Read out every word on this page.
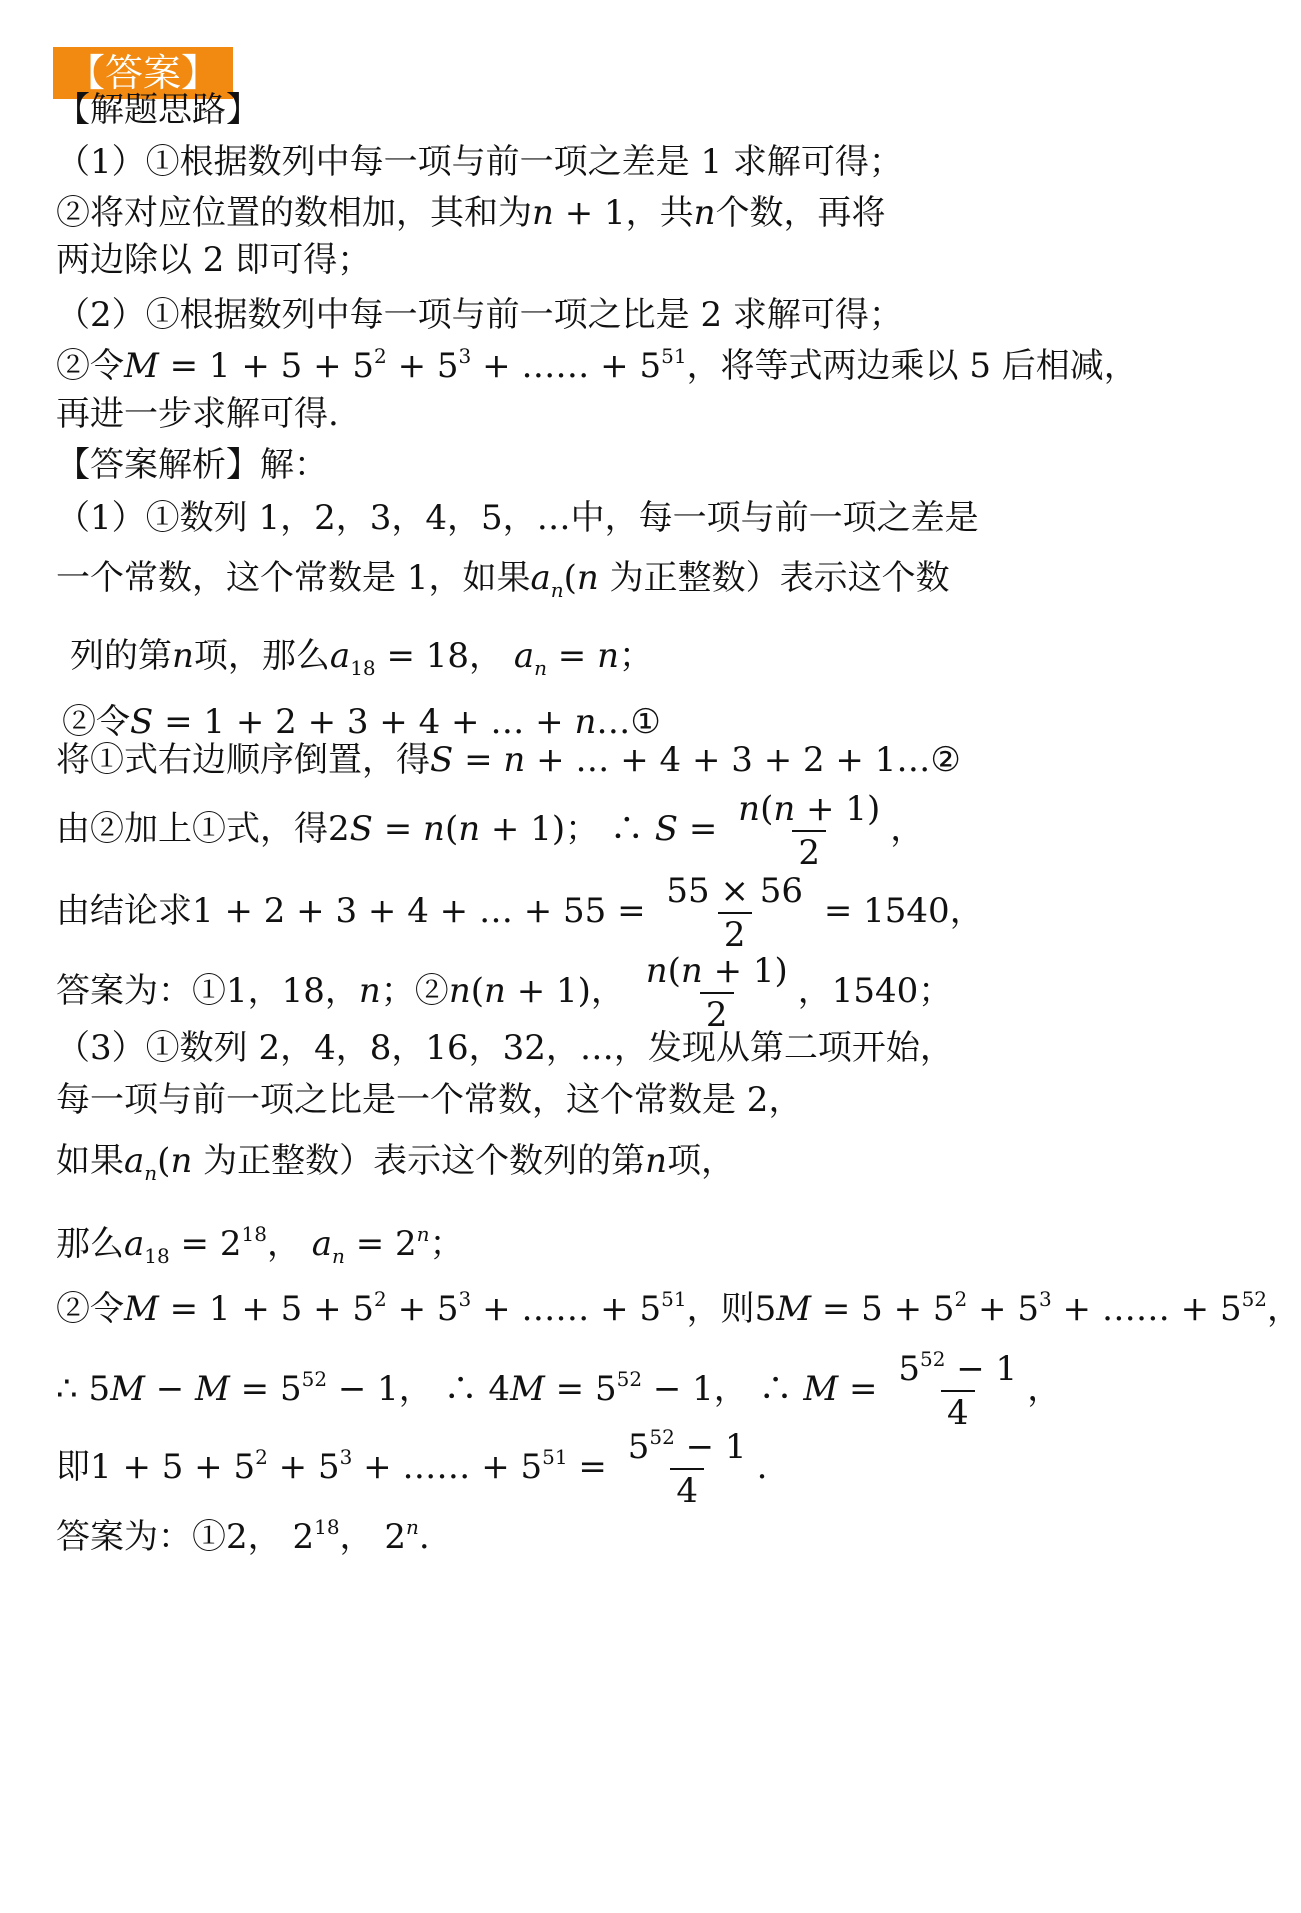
【答案】
【解题思路】
（1）①根据数列中每一项与前一项之差是 1 求解可得；
②将对应位置的数相加，其和为n + 1，共n个数，再将
两边除以 2 即可得；
（2）①根据数列中每一项与前一项之比是 2 求解可得；
②令$M = 1 + 5 + 5^2 + 5^3$ + …… + $5^{51}$，将等式两边乘以 5 后相减，
再进一步求解可得.
【答案解析】解：
（1）①数列 1，2，3，4，5，…中，每一项与前一项之差是
一个常数，这个常数是 1，如果$a_n(n$ 为正整数）表示这个数
列的第n项，那么$a_{18} = 18$， $a_n = n$；
②令S = 1 + 2 + 3 + 4 + … + n…①
将①式右边顺序倒置，得S = n + … + 4 + 3 + 2 + 1…②
由②加上①式，得2S = n(n + 1)； ∴ $S = \frac{n(n + 1)}{2}$ ，
由结论求1 + 2 + 3 + 4 + … + $55 = \frac{55 \times 56}{2} = 1540$，
答案为：①1，18，n；②n(n + 1)， $\frac{n(n + 1)}{2}$ ，1540；
（3）①数列 2，4，8，16，32，…，发现从第二项开始，
每一项与前一项之比是一个常数，这个常数是 2，
如果$a_n(n$ 为正整数）表示这个数列的第n项，
那么$a_{18} = 2^{18}$， $a_n = 2^n$；
②令$M = 1 + 5 + 5^2 + 5^3$ + …… + $5^{51}$，则$5M = 5 + 5^2 + 5^3$ + …… + $5^{52}$，
∴ $5M - M = 5^{52} - 1$， ∴ $4M = 5^{52} - 1$， ∴ $M = \frac{5^{52} - 1}{4}$ ，
即$1 + 5 + 5^2 + 5^3$ + …… + $5^{51} = \frac{5^{52} - 1}{4}$ .
答案为：①2， $2^{18}$， 2$^n$.
